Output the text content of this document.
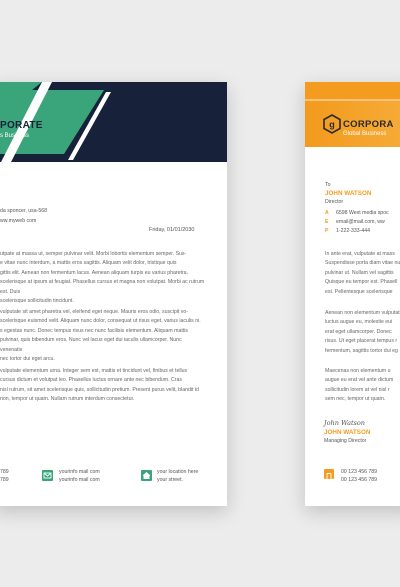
PORATE
s Business
da sponcer, usa-568
ww.myweb com
Friday, 01/01/2030

utpate at massa ut, semper pulvinar velit. Morbi lobortis elementum semper. Sus-
e vitae nunc interdum, a mattis eros sagittis. Aliquam velit dolor, tristique quis
gittis elit. Aenean non fermentum lacus. Aenean aliquam turpis eu varius pharetra.
scelerisque at ipsum at feugiat. Phasellus cursus et magna non volutpat. Morbi ac rutrum est. Duis
scelerisque sollicitudin tincidunt.

vulputate sit amet pharetra vel, eleifend eget neque. Mauris eros odio, suscipit vo-
scelerisque euismod velit. Aliquam nunc dolor, consequat ut risus eget, varius iaculis ni.
s egestas nunc. Donec tempus risus nec nunc facilisis elementum. Aliquam mattis
pulvinar, quis bibendum eros. Nunc vel lacus eget dui iaculis ullamcorper. Nunc venenatis
nec tortor dui eget arcu.

vulputate elementum urna. Integer sem est, mattis et tincidunt vel, finibus et tellus
cursus dictum et volutpat leo. Phasellus luctus ornare ante nec bibendum. Cras
nisl rutrum, sit amet scelerisque quis, sollicitudin pretium. Present purus velit, blandit id
non, tempor ut quam. Nullam rutrum interdum consectetur.

789
789
yourinfo mail com
yourinfo mail com
your location here
your street.
g CORPORA
Global Business
To
JOHN WATSON
Director
A 6598 West media spoc
E email@mail.com, ww
P 1-222-333-444

In ante erat, vulputate at mass
Suspendisse porta diam vitae nu
pulvinar ut. Nullam vel sagittis
Quisque eu tempor est. Phasell
est. Pellentesque scelerisque

Aenean non elementum vulputat
luctus augue eu, molestie eui
erat eget ullamcorper. Donec
risus. Ut eget placerat tempus r
fermentum, sagittis tortor dui eg

Maecenas non elementum u
augue eu erat vel ante dictum
sollicitudin lorem at vel nisl r
sem nec, tempor ut quam.

John Watson
JOHN WATSON
Managing Director
00 123 456 789
00 123 456 789
